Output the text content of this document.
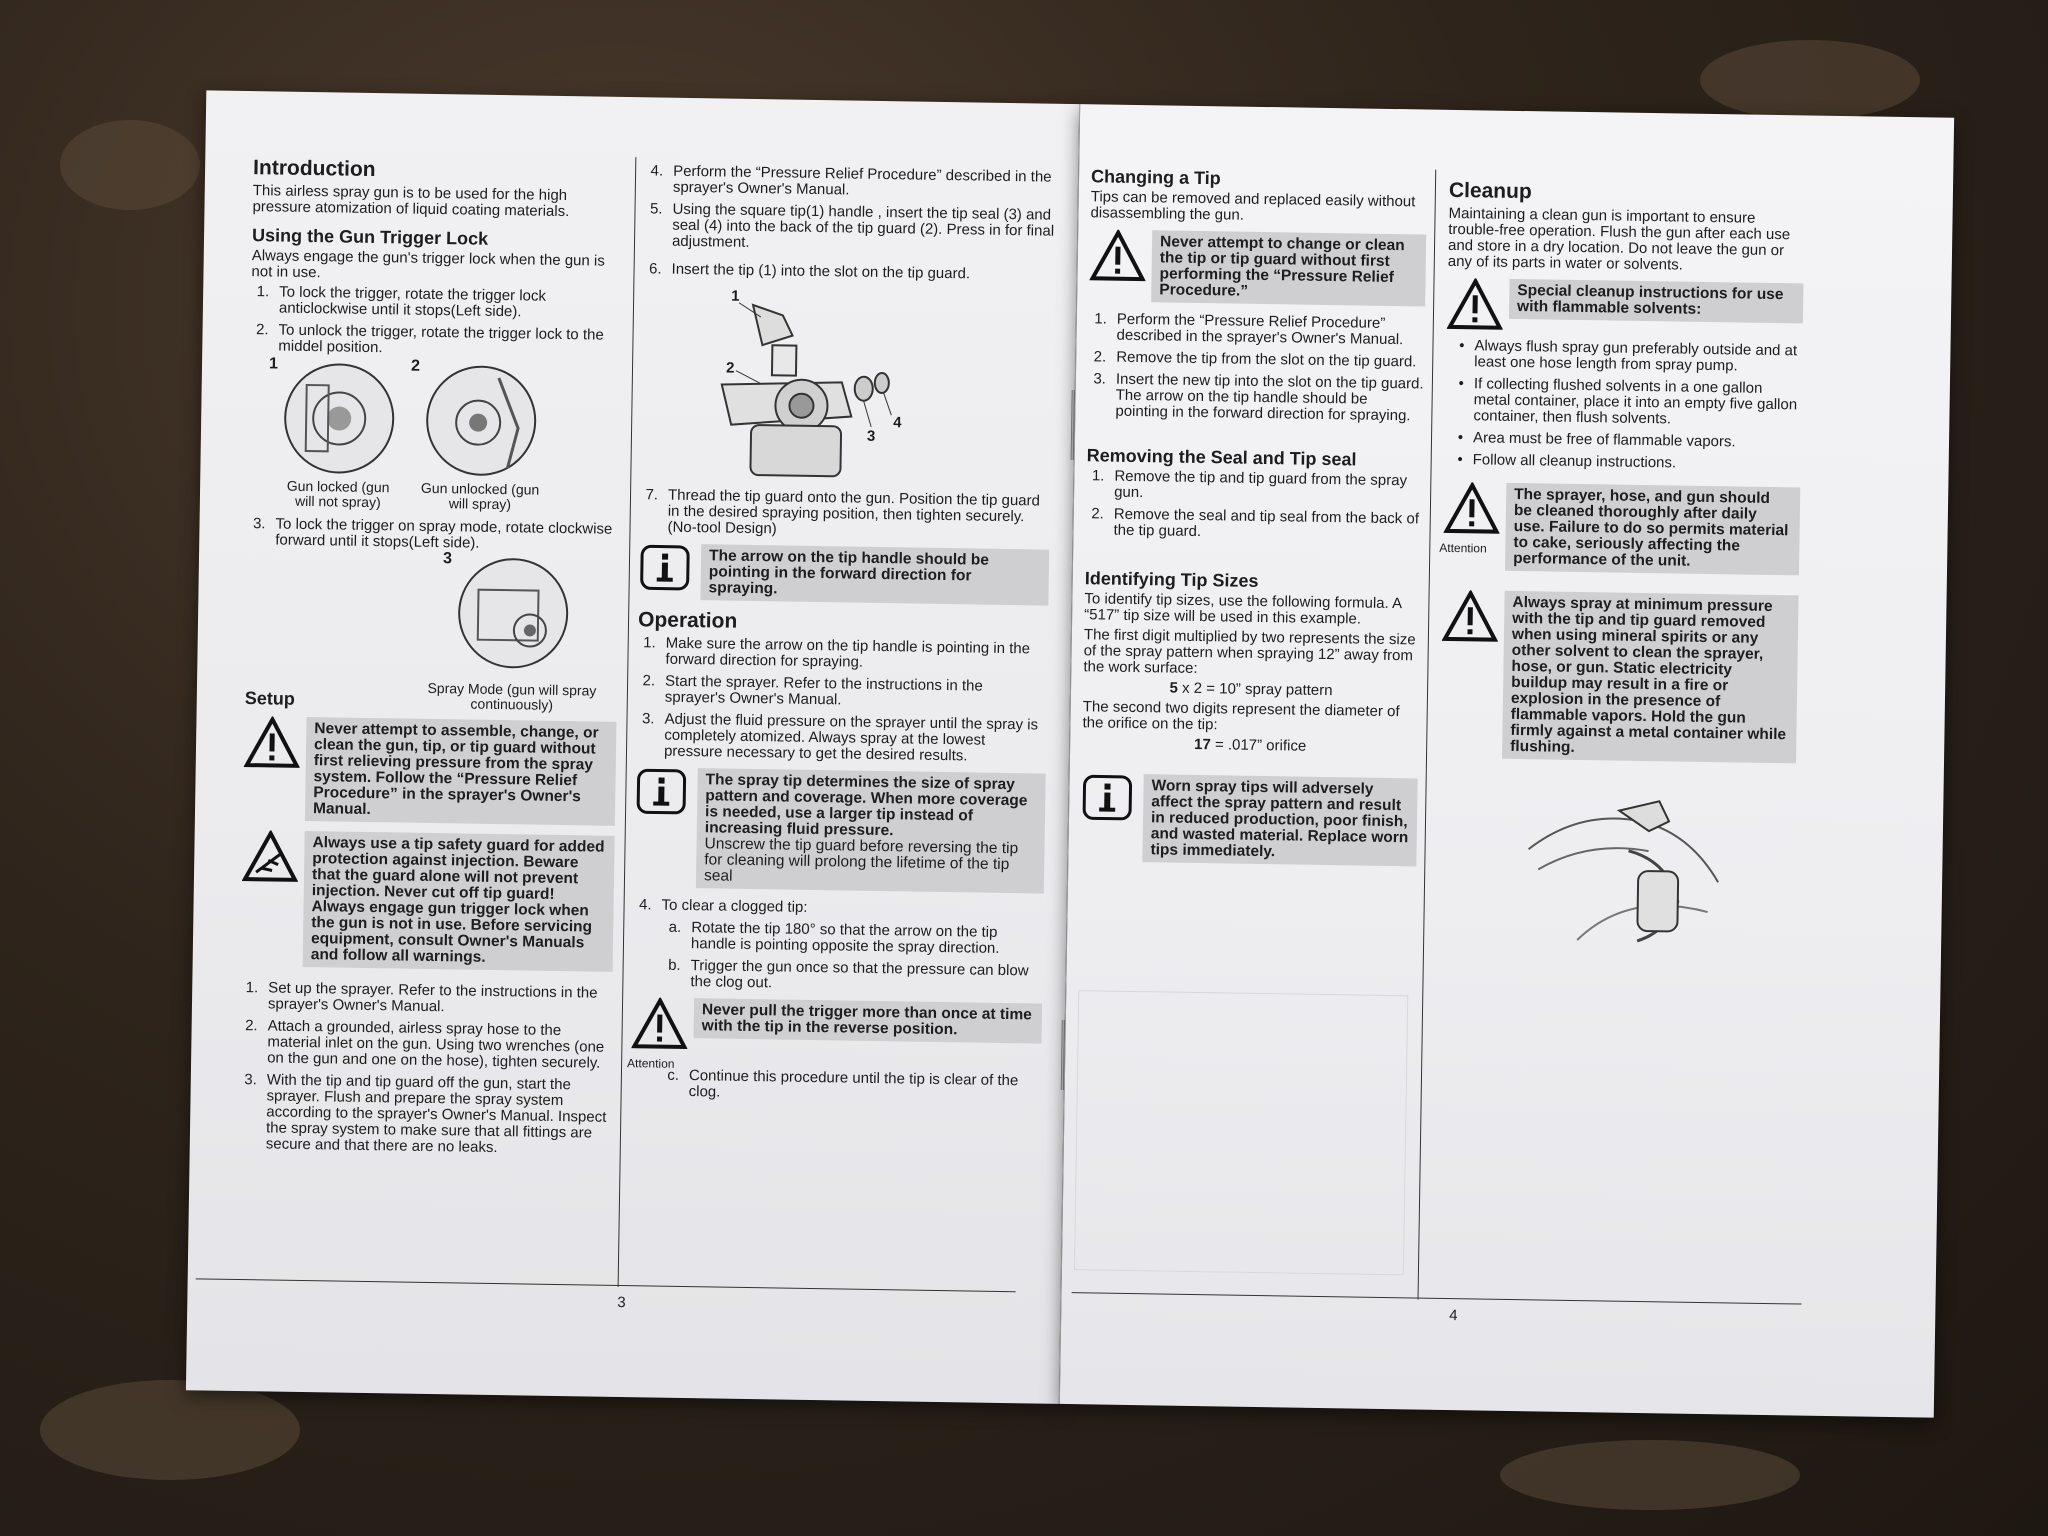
Introduction

This airless spray gun is to be used for the high pressure atomization of liquid coating materials.

Using the Gun Trigger Lock

Always engage the gun's trigger lock when the gun is not in use.

1. To lock the trigger, rotate the trigger lock anticlockwise until it stops(Left side).
2. To unlock the trigger, rotate the trigger lock to the middel position.
1
Gun locked (gun will not spray)
2
Gun unlocked (gun will spray)
3. To lock the trigger on spray mode, rotate clockwise forward until it stops(Left side).
3
Setup	Spray Mode (gun will spray continuously)
Never attempt to assemble, change, or clean the gun, tip, or tip guard without first relieving pressure from the spray system. Follow the “Pressure Relief Procedure” in the sprayer's Owner's Manual.
Always use a tip safety guard for added protection against injection. Beware that the guard alone will not prevent injection. Never cut off tip guard! Always engage gun trigger lock when the gun is not in use. Before servicing equipment, consult Owner's Manuals and follow all warnings.
1. Set up the sprayer. Refer to the instructions in the sprayer's Owner's Manual.
2. Attach a grounded, airless spray hose to the material inlet on the gun. Using two wrenches (one on the gun and one on the hose), tighten securely.
3. With the tip and tip guard off the gun, start the sprayer. Flush and prepare the spray system according to the sprayer's Owner's Manual. Inspect the spray system to make sure that all fittings are secure and that there are no leaks.
4. Perform the “Pressure Relief Procedure” described in the sprayer's Owner's Manual.
5. Using the square tip(1) handle , insert the tip seal (3) and seal (4) into the back of the tip guard (2). Press in for final adjustment.
6. Insert the tip (1) into the slot on the tip guard.
1
2
3
4
7. Thread the tip guard onto the gun. Position the tip guard in the desired spraying position, then tighten securely. (No-tool Design)
The arrow on the tip handle should be pointing in the forward direction for spraying.
Operation
1. Make sure the arrow on the tip handle is pointing in the forward direction for spraying.
2. Start the sprayer. Refer to the instructions in the sprayer's Owner's Manual.
3. Adjust the fluid pressure on the sprayer until the spray is completely atomized. Always spray at the lowest pressure necessary to get the desired results.
The spray tip determines the size of spray pattern and coverage. When more coverage is needed, use a larger tip instead of increasing fluid pressure.
Unscrew the tip guard before reversing the tip for cleaning will prolong the lifetime of the tip seal
4. To clear a clogged tip:
a. Rotate the tip 180° so that the arrow on the tip handle is pointing opposite the spray direction.
b. Trigger the gun once so that the pressure can blow the clog out.
Attention
Never pull the trigger more than once at time with the tip in the reverse position.
c. Continue this procedure until the tip is clear of the clog.
3
Changing a Tip

Tips can be removed and replaced easily without disassembling the gun.

Never attempt to change or clean the tip or tip guard without first performing the “Pressure Relief Procedure.”
1. Perform the “Pressure Relief Procedure” described in the sprayer's Owner's Manual.
2. Remove the tip from the slot on the tip guard.
3. Insert the new tip into the slot on the tip guard. The arrow on the tip handle should be pointing in the forward direction for spraying.
Removing the Seal and Tip seal
1. Remove the tip and tip guard from the spray gun.
2. Remove the seal and tip seal from the back of the tip guard.
Identifying Tip Sizes

To identify tip sizes, use the following formula. A “517” tip size will be used in this example.

The first digit multiplied by two represents the size of the spray pattern when spraying 12” away from the work surface:

5 x 2 = 10” spray pattern

The second two digits represent the diameter of the orifice on the tip:

17 = .017” orifice

Worn spray tips will adversely affect the spray pattern and result in reduced production, poor finish, and wasted material. Replace worn tips immediately.
Cleanup

Maintaining a clean gun is important to ensure trouble-free operation. Flush the gun after each use and store in a dry location. Do not leave the gun or any of its parts in water or solvents.

Special cleanup instructions for use with flammable solvents:
• Always flush spray gun preferably outside and at least one hose length from spray pump.
• If collecting flushed solvents in a one gallon metal container, place it into an empty five gallon container, then flush solvents.
• Area must be free of flammable vapors.
• Follow all cleanup instructions.
Attention
The sprayer, hose, and gun should be cleaned thoroughly after daily use. Failure to do so permits material to cake, seriously affecting the performance of the unit.
Always spray at minimum pressure with the tip and tip guard removed when using mineral spirits or any other solvent to clean the sprayer, hose, or gun. Static electricity buildup may result in a fire or explosion in the presence of flammable vapors. Hold the gun firmly against a metal container while flushing.
4
